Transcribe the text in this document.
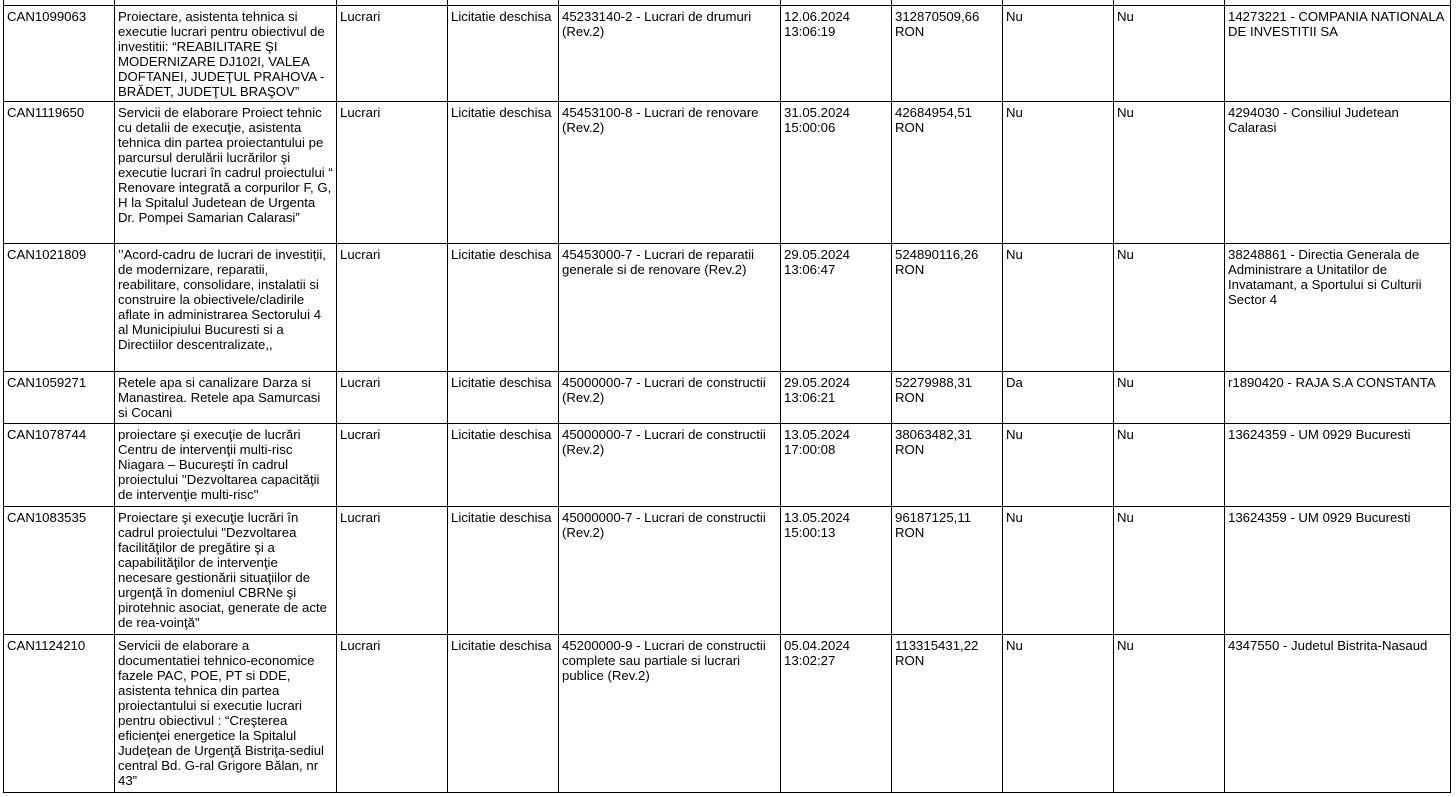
CAN1099063	Proiectare, asistenta tehnica si executie lucrari pentru obiectivul de investitii: “REABILITARE ŞI MODERNIZARE DJ102I, VALEA DOFTANEI, JUDEŢUL PRAHOVA - BRĂDET, JUDEŢUL BRAŞOV”	Lucrari	Licitatie deschisa	45233140-2 - Lucrari de drumuri (Rev.2)	12.06.2024 13:06:19	312870509,66 RON	Nu	Nu	14273221 - COMPANIA NATIONALA DE INVESTITII SA
CAN1119650	Servicii de elaborare Proiect tehnic cu detalii de execuţie, asistenta tehnica din partea proiectantului pe parcursul derulării lucrărilor şi executie lucrari în cadrul proiectului “ Renovare integrată a corpurilor F, G, H la Spitalul Judetean de Urgenta Dr. Pompei Samarian Calarasi”	Lucrari	Licitatie deschisa	45453100-8 - Lucrari de renovare (Rev.2)	31.05.2024 15:00:06	42684954,51 RON	Nu	Nu	4294030 - Consiliul Judetean Calarasi
CAN1021809	’’Acord-cadru de lucrari de investiții, de modernizare, reparatii, reabilitare, consolidare, instalatii si construire la obiectivele/cladirile aflate in administrarea Sectorului 4 al Municipiului Bucuresti si a Directiilor descentralizate,,	Lucrari	Licitatie deschisa	45453000-7 - Lucrari de reparatii generale si de renovare (Rev.2)	29.05.2024 13:06:47	524890116,26 RON	Nu	Nu	38248861 - Directia Generala de Administrare a Unitatilor de Invatamant, a Sportului si Culturii Sector 4
CAN1059271	Retele apa si canalizare Darza si Manastirea. Retele apa Samurcasi si Cocani	Lucrari	Licitatie deschisa	45000000-7 - Lucrari de constructii (Rev.2)	29.05.2024 13:06:21	52279988,31 RON	Da	Nu	r1890420 - RAJA S.A CONSTANTA
CAN1078744	proiectare şi execuţie de lucrări Centru de intervenţii multi-risc Niagara – Bucureşti în cadrul proiectului ''Dezvoltarea capacităţii de intervenţie multi-risc''	Lucrari	Licitatie deschisa	45000000-7 - Lucrari de constructii (Rev.2)	13.05.2024 17:00:08	38063482,31 RON	Nu	Nu	13624359 - UM 0929 Bucuresti
CAN1083535	Proiectare şi execuţie lucrări în cadrul proiectului "Dezvoltarea facilităţilor de pregătire şi a capabilităţilor de intervenţie necesare gestionării situaţiilor de urgenţă în domeniul CBRNe şi pirotehnic asociat, generate de acte de rea-voinţă"	Lucrari	Licitatie deschisa	45000000-7 - Lucrari de constructii (Rev.2)	13.05.2024 15:00:13	96187125,11 RON	Nu	Nu	13624359 - UM 0929 Bucuresti
CAN1124210	Servicii de elaborare a documentatiei tehnico-economice fazele PAC, POE, PT si DDE, asistenta tehnica din partea proiectantului si executie lucrari pentru obiectivul : “Creşterea eficienţei energetice la Spitalul Judeţean de Urgenţă Bistriţa-sediul central Bd. G-ral Grigore Bălan, nr 43”	Lucrari	Licitatie deschisa	45200000-9 - Lucrari de constructii complete sau partiale si lucrari publice (Rev.2)	05.04.2024 13:02:27	113315431,22 RON	Nu	Nu	4347550 - Judetul Bistrita-Nasaud
